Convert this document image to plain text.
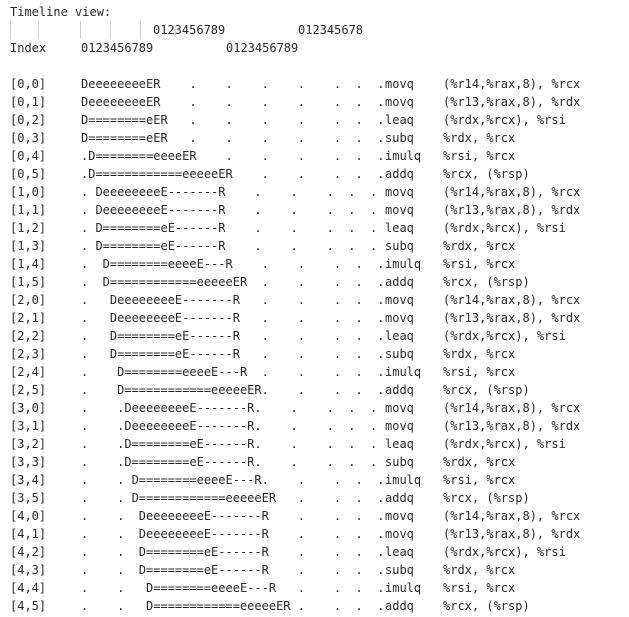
Timeline view:

0123456789

	012345678

Index

	0123456789

	0123456789

[0,0]	DeeeeeeeeER    .    .    .    .    .  .  . movq (%r14,%rax,8), %rcx
[0,1]	DeeeeeeeeER    .    .    .    .    .  .  . movq (%r13,%rax,8), %rdx
[0,2]	D========eER   .    .    .    .    .  .  . leaq (%rdx,%rcx), %rsi
[0,3]	D========eER   .    .    .    .    .  .  . subq %rdx, %rcx
[0,4]	.D========eeeeER    .    .    .    .  .  . imulq %rsi, %rcx
[0,5]	.D============eeeeeER    .    .    .  .  . addq %rcx, (%rsp)
[1,0]	. DeeeeeeeeE-------R    .    .    .  .  . movq (%r14,%rax,8), %rcx
[1,1]	. DeeeeeeeeE-------R    .    .    .  .  . movq (%r13,%rax,8), %rdx
[1,2]	. D========eE------R    .    .    .  .  . leaq (%rdx,%rcx), %rsi
[1,3]	. D========eE------R    .    .    .  .  . subq %rdx, %rcx
[1,4]	.  D========eeeeE---R    .    .    .  .  . imulq %rsi, %rcx
[1,5]	.  D============eeeeeER  .    .    .  .  . addq %rcx, (%rsp)
[2,0]	.   DeeeeeeeeE-------R   .    .    .  .  . movq (%r14,%rax,8), %rcx
[2,1]	.   DeeeeeeeeE-------R   .    .    .  .  . movq (%r13,%rax,8), %rdx
[2,2]	.   D========eE------R   .    .    .  .  . leaq (%rdx,%rcx), %rsi
[2,3]	.   D========eE------R   .    .    .  .  . subq %rdx, %rcx
[2,4]	.    D========eeeeE---R  .    .    .  .  . imulq %rsi, %rcx
[2,5]	.    D============eeeeeER.    .    .  .  . addq %rcx, (%rsp)
[3,0]	.    .DeeeeeeeeE-------R.    .    .  .  . movq (%r14,%rax,8), %rcx
[3,1]	.    .DeeeeeeeeE-------R.    .    .  .  . movq (%r13,%rax,8), %rdx
[3,2]	.    .D========eE------R.    .    .  .  . leaq (%rdx,%rcx), %rsi
[3,3]	.    .D========eE------R.    .    .  .  . subq %rdx, %rcx
[3,4]	.    . D========eeeeE---R.    .    .  .  . imulq %rsi, %rcx
[3,5]	.    . D============eeeeeER   .    .  .  . addq %rcx, (%rsp)
[4,0]	.    .  DeeeeeeeeE-------R    .    .  .  . movq (%r14,%rax,8), %rcx
[4,1]	.    .  DeeeeeeeeE-------R    .    .  .  . movq (%r13,%rax,8), %rdx
[4,2]	.    .  D========eE------R    .    .  .  . leaq (%rdx,%rcx), %rsi
[4,3]	.    .  D========eE------R    .    .  .  . subq %rdx, %rcx
[4,4]	.    .   D========eeeeE---R   .    .  .  . imulq %rsi, %rcx
[4,5]	.    .   D============eeeeeER .    .  .  . addq %rcx, (%rsp)
